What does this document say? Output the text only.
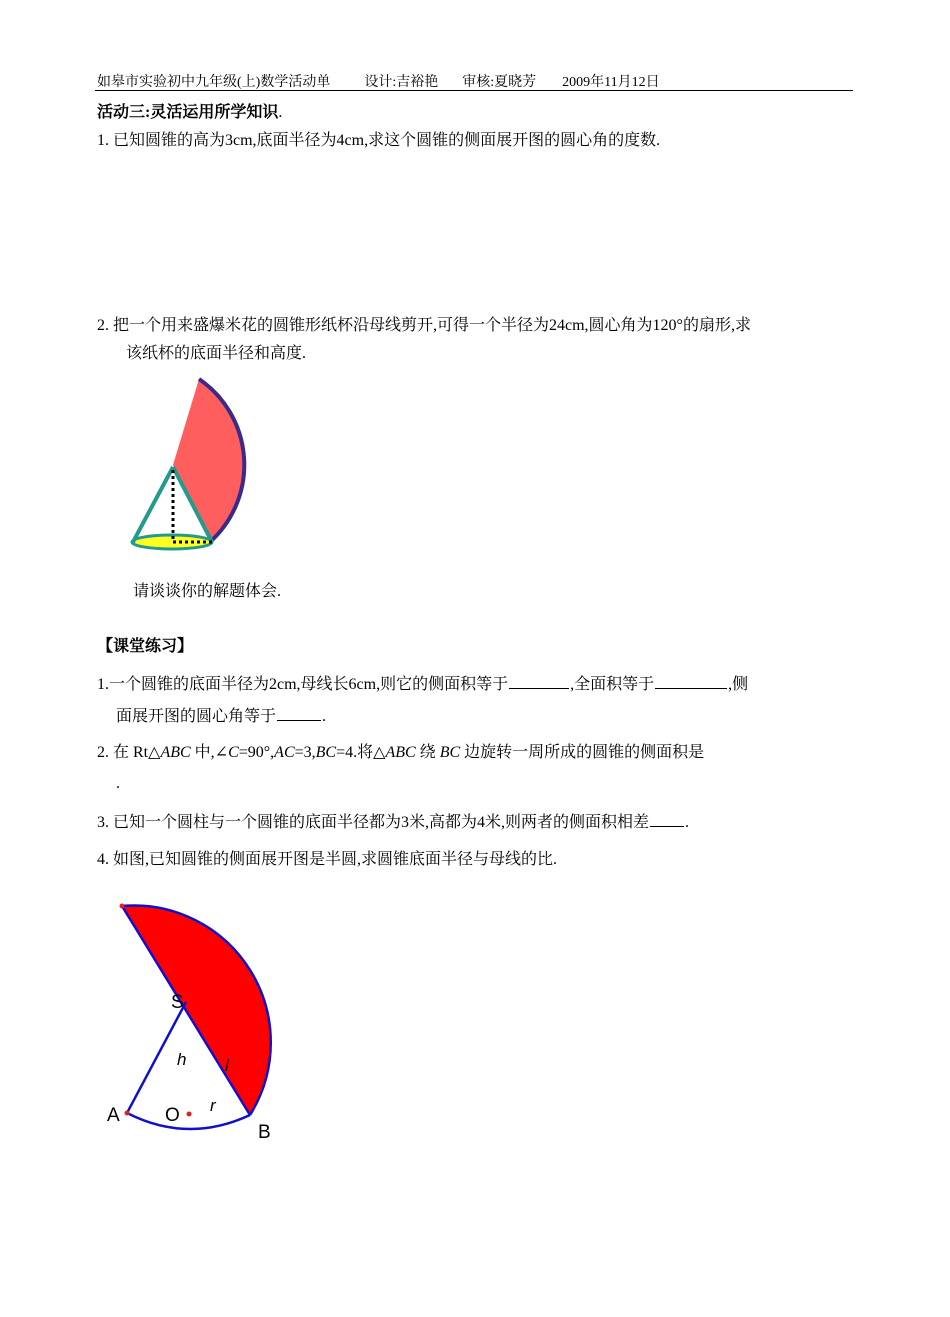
如皋市实验初中九年级(上)数学活动单 设计:吉裕艳 审核:夏晓芳 2009年11月12日
活动三:灵活运用所学知识.
1. 已知圆锥的高为3cm,底面半径为4cm,求这个圆锥的侧面展开图的圆心角的度数.
2. 把一个用来盛爆米花的圆锥形纸杯沿母线剪开,可得一个半径为24cm,圆心角为120°的扇形,求
该纸杯的底面半径和高度.
请谈谈你的解题体会.
【课堂练习】
1.一个圆锥的底面半径为2cm,母线长6cm,则它的侧面积等于	,全面积等于	,侧
面展开图的圆心角等于	.
2. 在 Rt△ABC 中,∠C=90°,AC=3,BC=4.将△ABC 绕 BC 边旋转一周所成的圆锥的侧面积是
.
3. 已知一个圆柱与一个圆锥的底面半径都为3米,高都为4米,则两者的侧面积相差 .
4. 如图,已知圆锥的侧面展开图是半圆,求圆锥底面半径与母线的比.
S
h l
r
A O
B
